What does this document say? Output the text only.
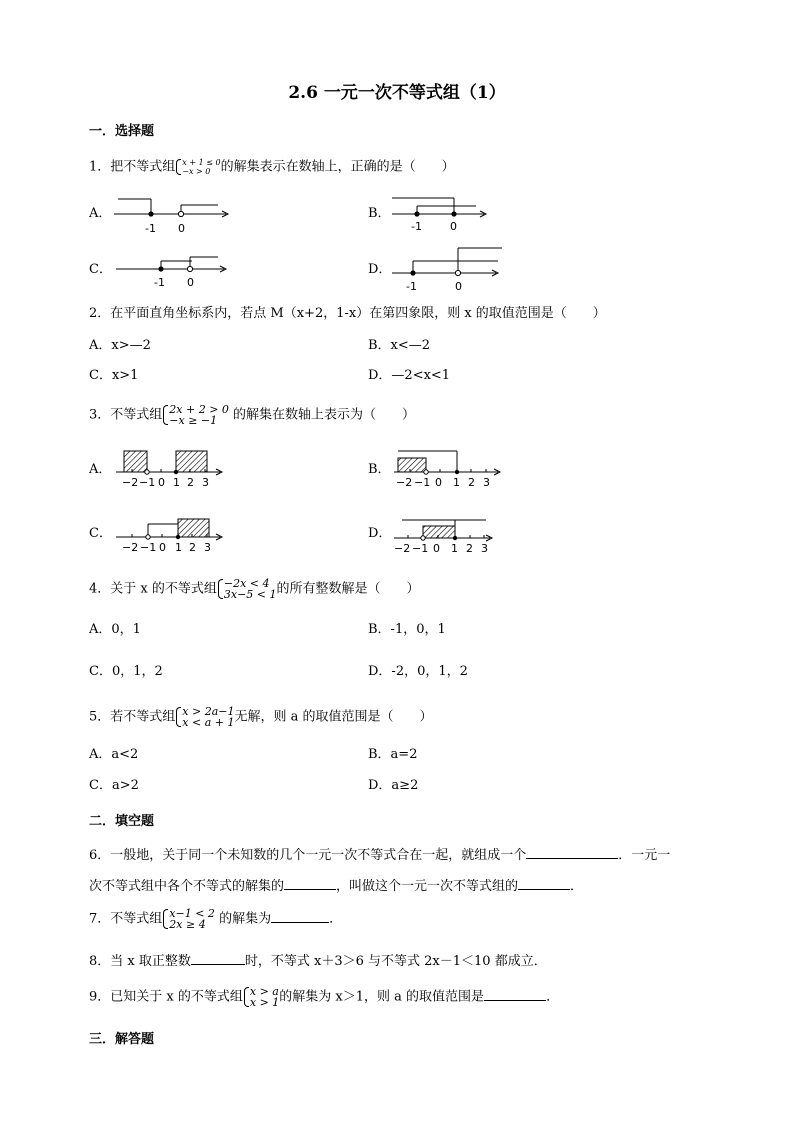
2.6 一元一次不等式组（1）
一．选择题
1．把不等式组 x + 1 ≤ 0
−x > 0 的解集表示在数轴上，正确的是（　　）
A．
-1 0
B．
-1	0
C．
-1 0
D．
-1	0
2．在平面直角坐标系内，若点 M（x+2，1-x）在第四象限，则 x 的取值范围是（　　）
A．x>—2	B．x<—2
C．x>1	D．—2<x<1
3．不等式组 2x + 2 > 0
−x ≥ −1	的解集在数轴上表示为（　　）
A．
−2 −1 0 1 2 3
B．
−2 −1 0 1 2 3
C．
−2 −1 0 1 2 3
D．
−2 −1 0 1 2 3
4．关于 x 的不等式组 −2x < 4
3x−5 < 1 的所有整数解是（　　）
A．0，1	B．-1，0，1
C．0，1，2	D．-2，0，1，2
5．若不等式组 x > 2a−1
x < a + 1 无解，则 a 的取值范围是（　　）
A．a<2	B．a=2
C．a>2	D．a≥2
二．填空题
6．一般地，关于同一个未知数的几个一元一次不等式合在一起，就组成一个	．一元一
次不等式组中各个不等式的解集的	，叫做这个一元一次不等式组的	．
7．不等式组 x−1 < 2
2x ≥ 4	的解集为	．
8．当 x 取正整数	时，不等式 x＋3＞6 与不等式 2x－1＜10 都成立．
9．已知关于 x 的不等式组 x > a
x > 1 的解集为 x＞1，则 a 的取值范围是	．
三．解答题
